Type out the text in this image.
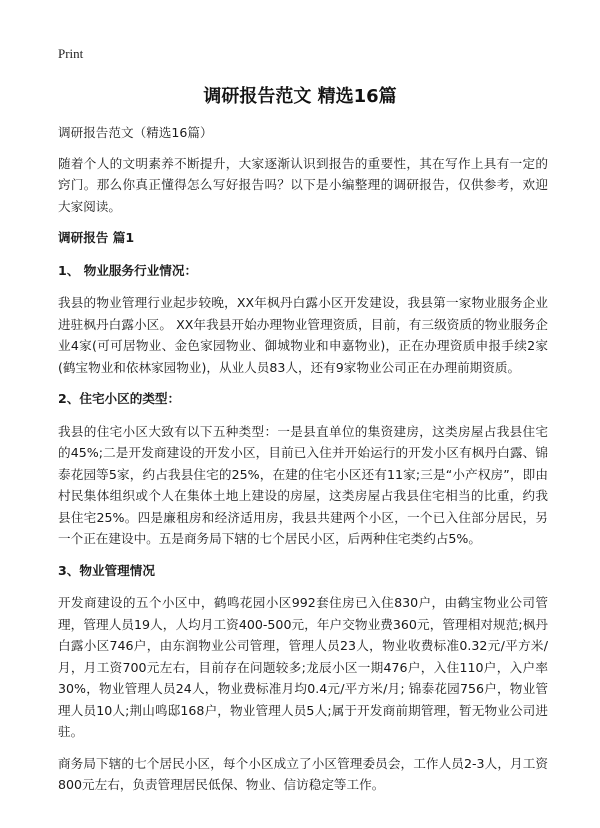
Print
调研报告范文 精选16篇

调研报告范文（精选16篇）

随着个人的文明素养不断提升，大家逐渐认识到报告的重要性，其在写作上具有一定的窍门。那么你真正懂得怎么写好报告吗？以下是小编整理的调研报告，仅供参考，欢迎大家阅读。

调研报告 篇1

1、 物业服务行业情况：

我县的物业管理行业起步较晚，XX年枫丹白露小区开发建设，我县第一家物业服务企业进驻枫丹白露小区。 XX年我县开始办理物业管理资质，目前，有三级资质的物业服务企业4家(可可居物业、金色家园物业、御城物业和申嘉物业)，正在办理资质申报手续2家(鹤宝物业和依林家园物业)，从业人员83人，还有9家物业公司正在办理前期资质。

2、住宅小区的类型：

我县的住宅小区大致有以下五种类型：一是县直单位的集资建房，这类房屋占我县住宅的45%;二是开发商建设的开发小区，目前已入住并开始运行的开发小区有枫丹白露、锦泰花园等5家，约占我县住宅的25%，在建的住宅小区还有11家;三是“小产权房”，即由村民集体组织或个人在集体土地上建设的房屋，这类房屋占我县住宅相当的比重，约我县住宅25%。四是廉租房和经济适用房，我县共建两个小区，一个已入住部分居民，另一个正在建设中。五是商务局下辖的七个居民小区，后两种住宅类约占5%。

3、物业管理情况

开发商建设的五个小区中，鹤鸣花园小区992套住房已入住830户，由鹤宝物业公司管理，管理人员19人，人均月工资400-500元，年户交物业费360元，管理相对规范;枫丹白露小区746户，由东润物业公司管理，管理人员23人，物业收费标准0.32元/平方米/月，月工资700元左右，目前存在问题较多;龙辰小区一期476户，入住110户，入户率30%，物业管理人员24人，物业费标准月均0.4元/平方米/月; 锦泰花园756户，物业管理人员10人;荆山鸣邸168户，物业管理人员5人;属于开发商前期管理，暂无物业公司进驻。

商务局下辖的七个居民小区，每个小区成立了小区管理委员会，工作人员2-3人，月工资800元左右，负责管理居民低保、物业、信访稳定等工作。
